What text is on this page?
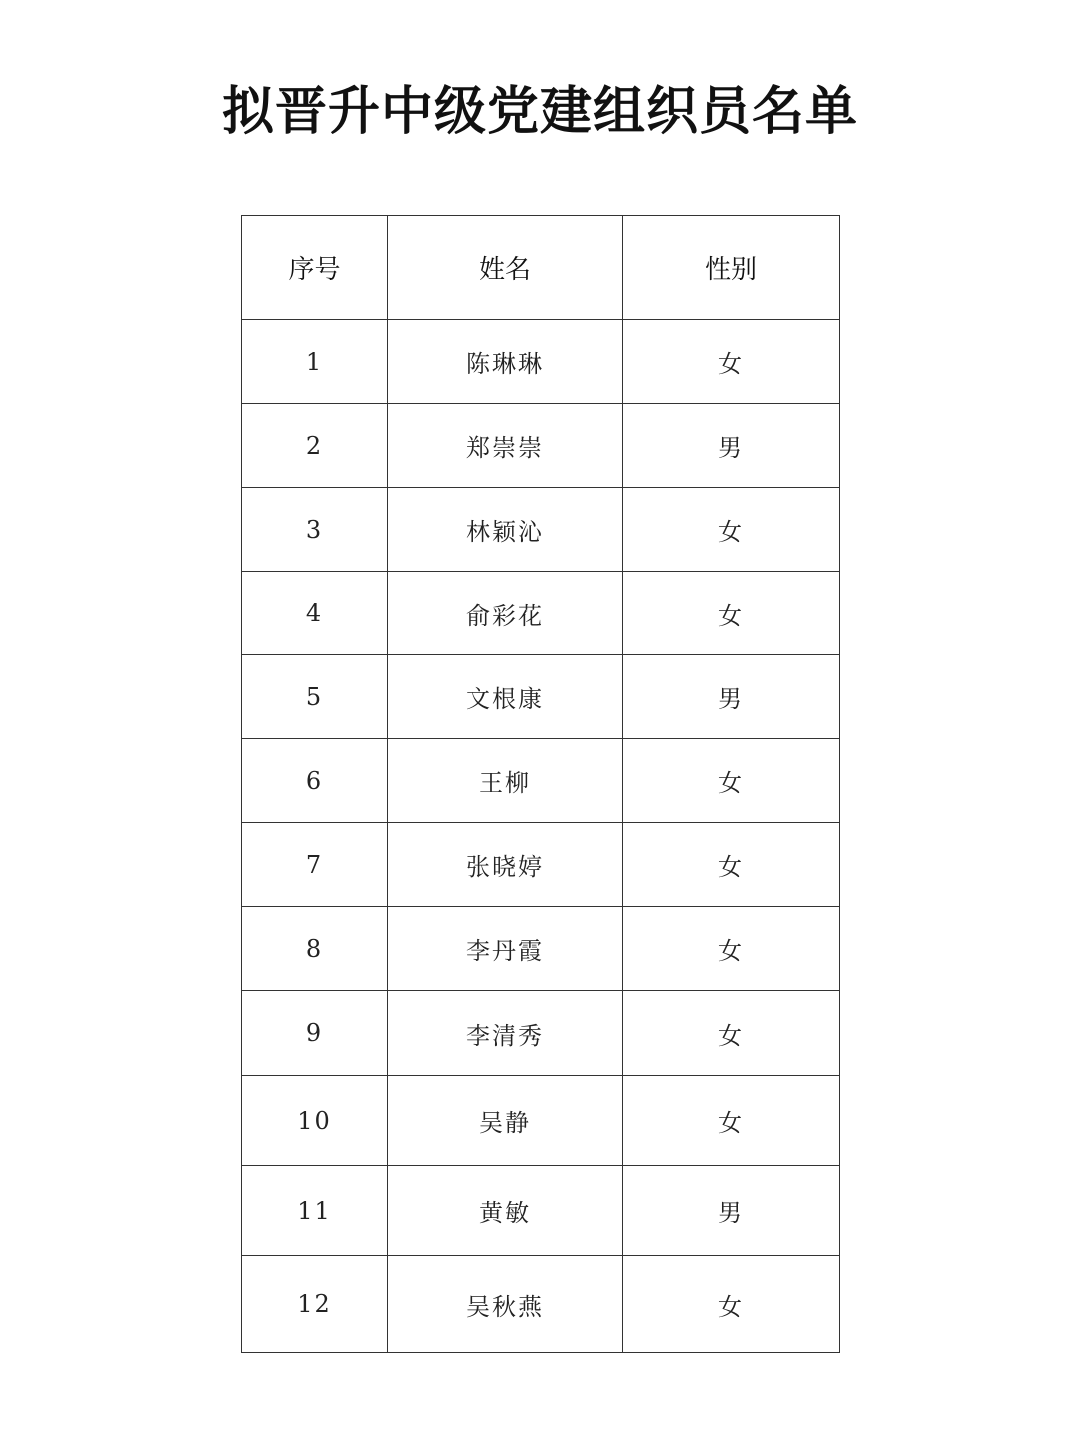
拟晋升中级党建组织员名单
序号	姓名	性别
1	陈琳琳	女
2	郑崇崇	男
3	林颖沁	女
4	俞彩花	女
5	文根康	男
6	王柳	女
7	张晓婷	女
8	李丹霞	女
9	李清秀	女
10	吴静	女
11	黄敏	男
12	吴秋燕	女
